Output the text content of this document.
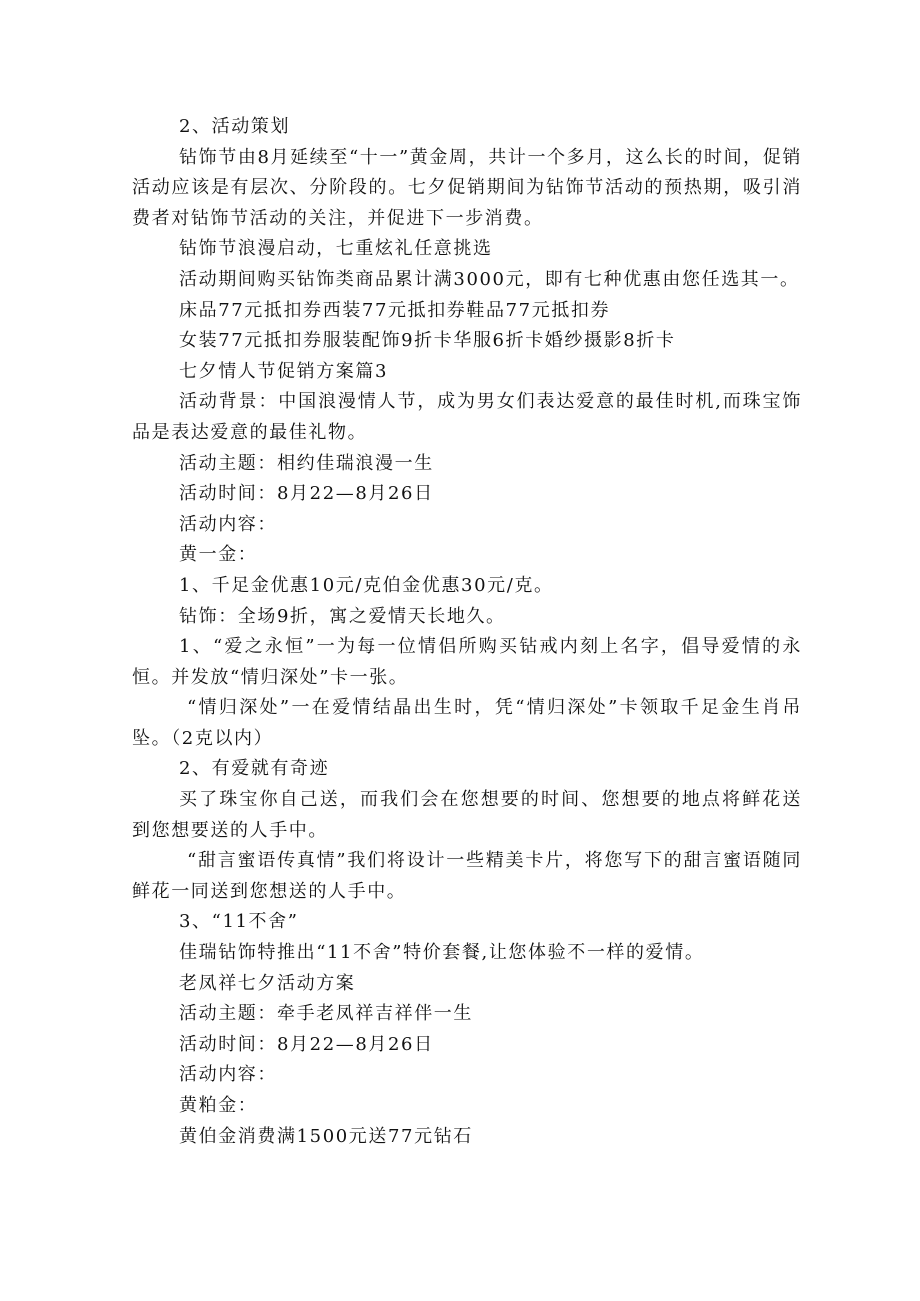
2、活动策划

钻饰节由8月延续至“十一”黄金周，共计一个多月，这么长的时间，促销活动应该是有层次、分阶段的。七夕促销期间为钻饰节活动的预热期，吸引消费者对钻饰节活动的关注，并促进下一步消费。

钻饰节浪漫启动，七重炫礼任意挑选

活动期间购买钻饰类商品累计满3000元，即有七种优惠由您任选其一。

床品77元抵扣券西装77元抵扣券鞋品77元抵扣券

女装77元抵扣券服装配饰9折卡华服6折卡婚纱摄影8折卡

七夕情人节促销方案篇3

活动背景：中国浪漫情人节，成为男女们表达爱意的最佳时机,而珠宝饰品是表达爱意的最佳礼物。

活动主题：相约佳瑞浪漫一生

活动时间：8月22—8月26日

活动内容：

黄一金：

1、千足金优惠10元/克伯金优惠30元/克。

钻饰：全场9折，寓之爱情天长地久。

1、“爱之永恒”一为每一位情侣所购买钻戒内刻上名字，倡导爱情的永恒。并发放“情归深处”卡一张。

“情归深处”一在爱情结晶出生时，凭“情归深处”卡领取千足金生肖吊坠。（2克以内）

2、有爱就有奇迹

买了珠宝你自己送，而我们会在您想要的时间、您想要的地点将鲜花送到您想要送的人手中。

“甜言蜜语传真情”我们将设计一些精美卡片，将您写下的甜言蜜语随同鲜花一同送到您想送的人手中。

3、“11不舍”

佳瑞钻饰特推出“11不舍”特价套餐,让您体验不一样的爱情。

老凤祥七夕活动方案

活动主题：牵手老凤祥吉祥伴一生

活动时间：8月22—8月26日

活动内容：

黄粕金：

黄伯金消费满1500元送77元钻石
